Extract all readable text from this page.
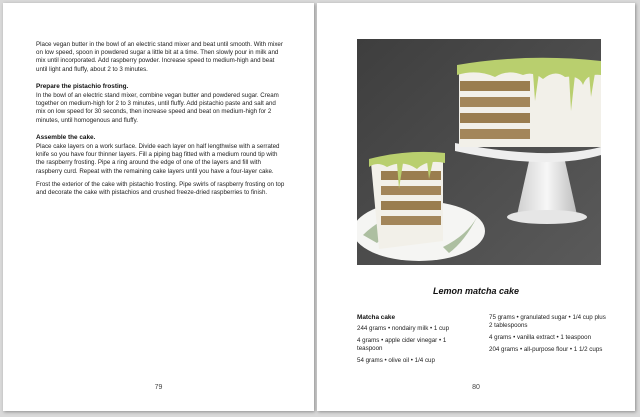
Place vegan butter in the bowl of an electric stand mixer and beat until smooth. With mixer on low speed, spoon in powdered sugar a little bit at a time. Then slowly pour in milk and mix until incorporated. Add raspberry powder. Increase speed to medium-high and beat until light and fluffy, about 2 to 3 minutes.

Prepare the pistachio frosting.

In the bowl of an electric stand mixer, combine vegan butter and powdered sugar. Cream together on medium-high for 2 to 3 minutes, until fluffy. Add pistachio paste and salt and mix on low speed for 30 seconds, then increase speed and beat on medium-high for 2 minutes, until homogenous and fluffy.

Assemble the cake.

Place cake layers on a work surface. Divide each layer on half lengthwise with a serrated knife so you have four thinner layers. Fill a piping bag fitted with a medium round tip with the raspberry frosting. Pipe a ring around the edge of one of the layers and fill with raspberry curd. Repeat with the remaining cake layers until you have a four-layer cake.

Frost the exterior of the cake with pistachio frosting. Pipe swirls of raspberry frosting on top and decorate the cake with pistachios and crushed freeze-dried raspberries to finish.

79
Lemon matcha cake
Matcha cake
244 grams • nondairy milk • 1 cup
4 grams • apple cider vinegar • 1 teaspoon
54 grams • olive oil • 1/4 cup
75 grams • granulated sugar • 1/4 cup plus 2 tablespoons
4 grams • vanilla extract • 1 teaspoon
204 grams • all-purpose flour • 1 1/2 cups
80
